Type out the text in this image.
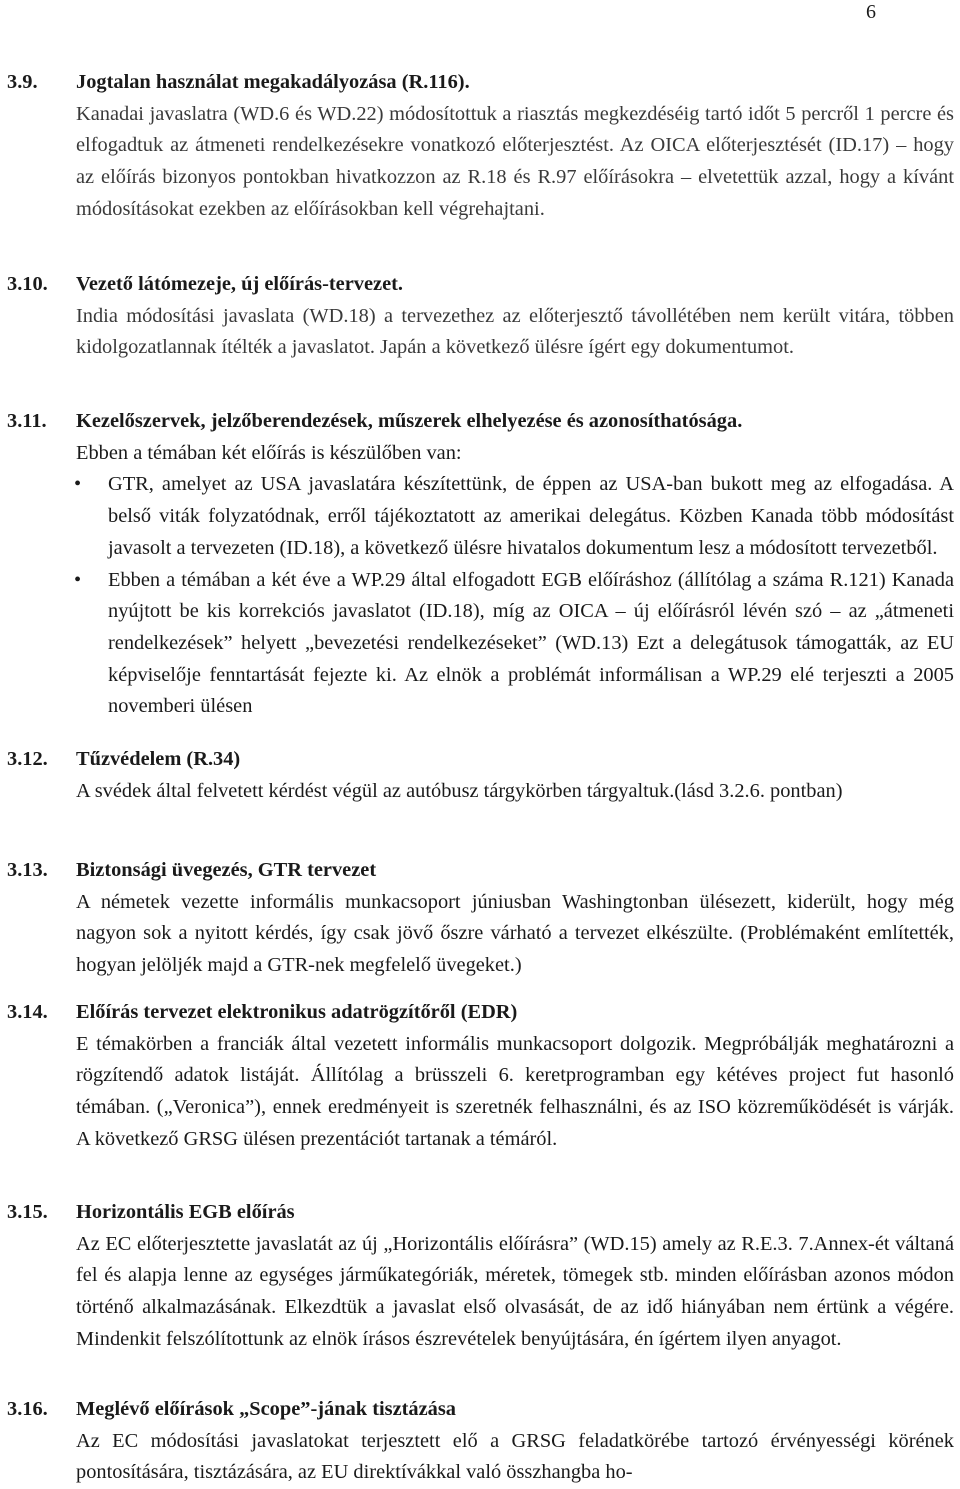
6
3.9. Jogtalan használat megakadályozása (R.116).

Kanadai javaslatra (WD.6 és WD.22) módosítottuk a riasztás megkezdéséig tartó időt 5 percről 1 percre és elfogadtuk az átmeneti rendelkezésekre vonatkozó előterjesztést. Az OICA előterjesztését (ID.17) – hogy az előírás bizonyos pontokban hivatkozzon az R.18 és R.97 előírásokra – elvetettük azzal, hogy a kívánt módosításokat ezekben az előírásokban kell végrehajtani.

3.10. Vezető látómezeje, új előírás-tervezet.

India módosítási javaslata (WD.18) a tervezethez az előterjesztő távollétében nem került vitára, többen kidolgozatlannak ítélték a javaslatot. Japán a következő ülésre ígért egy dokumentumot.

3.11. Kezelőszervek, jelzőberendezések, műszerek elhelyezése és azonosíthatósága.

Ebben a témában két előírás is készülőben van:

• GTR, amelyet az USA javaslatára készítettünk, de éppen az USA-ban bukott meg az elfogadása. A belső viták folyzatódnak, erről tájékoztatott az amerikai delegátus. Közben Kanada több módosítást javasolt a tervezeten (ID.18), a következő ülésre hivatalos dokumentum lesz a módosított tervezetből.
• Ebben a témában a két éve a WP.29 által elfogadott EGB előíráshoz (állítólag a száma R.121) Kanada nyújtott be kis korrekciós javaslatot (ID.18), míg az OICA – új előírásról lévén szó – az „átmeneti rendelkezések” helyett „bevezetési rendelkezéseket” (WD.13) Ezt a delegátusok támogatták, az EU képviselője fenntartását fejezte ki. Az elnök a problémát informálisan a WP.29 elé terjeszti a 2005 novemberi ülésen
3.12. Tűzvédelem (R.34)

A svédek által felvetett kérdést végül az autóbusz tárgykörben tárgyaltuk.(lásd 3.2.6. pontban)

3.13. Biztonsági üvegezés, GTR tervezet

A németek vezette informális munkacsoport júniusban Washingtonban ülésezett, kiderült, hogy még nagyon sok a nyitott kérdés, így csak jövő őszre várható a tervezet elkészülte. (Problémaként említették, hogyan jelöljék majd a GTR-nek megfelelő üvegeket.)

3.14. Előírás tervezet elektronikus adatrögzítőről (EDR)

E témakörben a franciák által vezetett informális munkacsoport dolgozik. Megpróbálják meghatározni a rögzítendő adatok listáját. Állítólag a brüsszeli 6. keretprogramban egy kétéves project fut hasonló témában. („Veronica”), ennek eredményeit is szeretnék felhasználni, és az ISO közreműködését is várják. A következő GRSG ülésen prezentációt tartanak a témáról.

3.15. Horizontális EGB előírás

Az EC előterjesztette javaslatát az új „Horizontális előírásra” (WD.15) amely az R.E.3. 7.Annex-ét váltaná fel és alapja lenne az egységes járműkategóriák, méretek, tömegek stb. minden előírásban azonos módon történő alkalmazásának. Elkezdtük a javaslat első olvasását, de az idő hiányában nem értünk a végére. Mindenkit felszólítottunk az elnök írásos észrevételek benyújtására, én ígértem ilyen anyagot.

3.16. Meglévő előírások „Scope”-jának tisztázása

Az EC módosítási javaslatokat terjesztett elő a GRSG feladatkörébe tartozó érvényességi körének pontosítására, tisztázására, az EU direktívákkal való összhangba ho-
